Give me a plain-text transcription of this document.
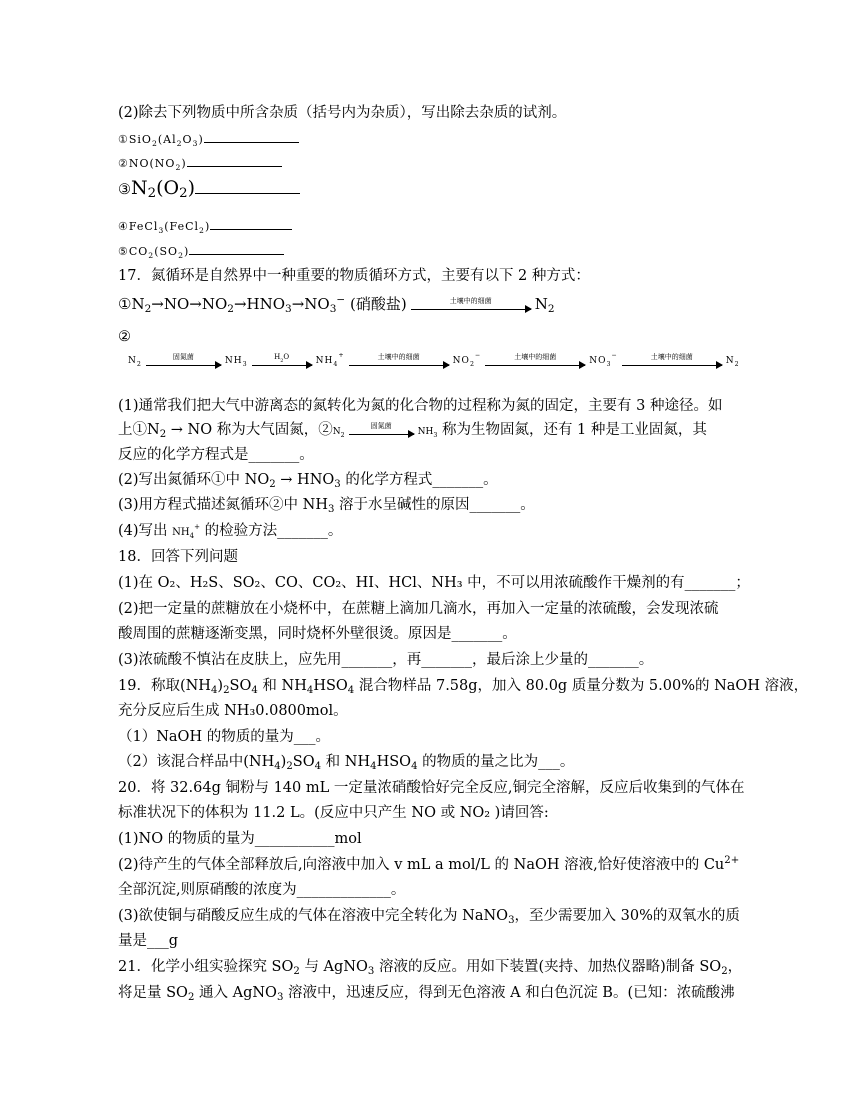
(2)除去下列物质中所含杂质（括号内为杂质），写出除去杂质的试剂。
$①SiO_2(Al_2O_3)$
$②NO(NO_2)$
$③N_2(O_2)$
④FeCl$_3$(FeCl$_2$)
$⑤CO_2(SO_2)$
17．氮循环是自然界中一种重要的物质循环方式，主要有以下 2 种方式：
$①N_2\to NO\to NO_2\to HNO_3\to NO_3^-$ (硝酸盐)	土壤中的细菌	$N_2$
②
$N_2$
固氮菌	$NH_3$
$H_2O$	$NH_4^+$	土壤中的细菌	$NO_2^-$	土壤中的细菌	$NO_3^-$	土壤中的细菌	$N_2$
(1)通常我们把大气中游离态的氮转化为氮的化合物的过程称为氮的固定，主要有 3 种途径。如
上$①N_2$ → NO 称为大气固氮，$②N_2$
固氮菌
$NH_3$ 称为生物固氮，还有 1 种是工业固氮，其
反应的化学方程式是_______。
(2)写出氮循环①中 $NO_2 \to HNO_3$ 的化学方程式_______。
(3)用方程式描述氮循环②中 $NH_3$ 溶于水呈碱性的原因_______。
(4)写出 $NH_4^+$ 的检验方法_______。
18．回答下列问题
(1)在 O₂、H₂S、SO₂、CO、CO₂、HI、HCl、NH₃ 中，不可以用浓硫酸作干燥剂的有_______；
(2)把一定量的蔗糖放在小烧杯中，在蔗糖上滴加几滴水，再加入一定量的浓硫酸，会发现浓硫
酸周围的蔗糖逐渐变黑，同时烧杯外壁很烫。原因是_______。
(3)浓硫酸不慎沾在皮肤上，应先用_______，再_______，最后涂上少量的_______。
19．称取$(NH_4)_2SO_4$ 和 $NH_4HSO_4$ 混合物样品 7.58g，加入 80.0g 质量分数为 5.00%的 NaOH 溶液，
充分反应后生成 NH₃0.0800mol。
（1）NaOH 的物质的量为___。
（2）该混合样品中$(NH_4)_2SO_4$ 和 $NH_4HSO_4$ 的物质的量之比为___。
20．将 32.64g 铜粉与 140 mL 一定量浓硝酸恰好完全反应,铜完全溶解，反应后收集到的气体在
标准状况下的体积为 11.2 L。(反应中只产生 NO 或 NO₂ )请回答:
(1)NO 的物质的量为___________mol
(2)待产生的气体全部释放后,向溶液中加入 v mL a mol/L 的 NaOH 溶液,恰好使溶液中的 $Cu^{2+}$
全部沉淀,则原硝酸的浓度为_____________。
(3)欲使铜与硝酸反应生成的气体在溶液中完全转化为 NaNO$_3$，至少需要加入 30%的双氧水的质
量是___g
21．化学小组实验探究 $SO_2$ 与 AgNO$_3$ 溶液的反应。用如下装置(夹持、加热仪器略)制备 $SO_2$，
将足量 $SO_2$ 通入 AgNO$_3$ 溶液中，迅速反应，得到无色溶液 A 和白色沉淀 B。(已知：浓硫酸沸
